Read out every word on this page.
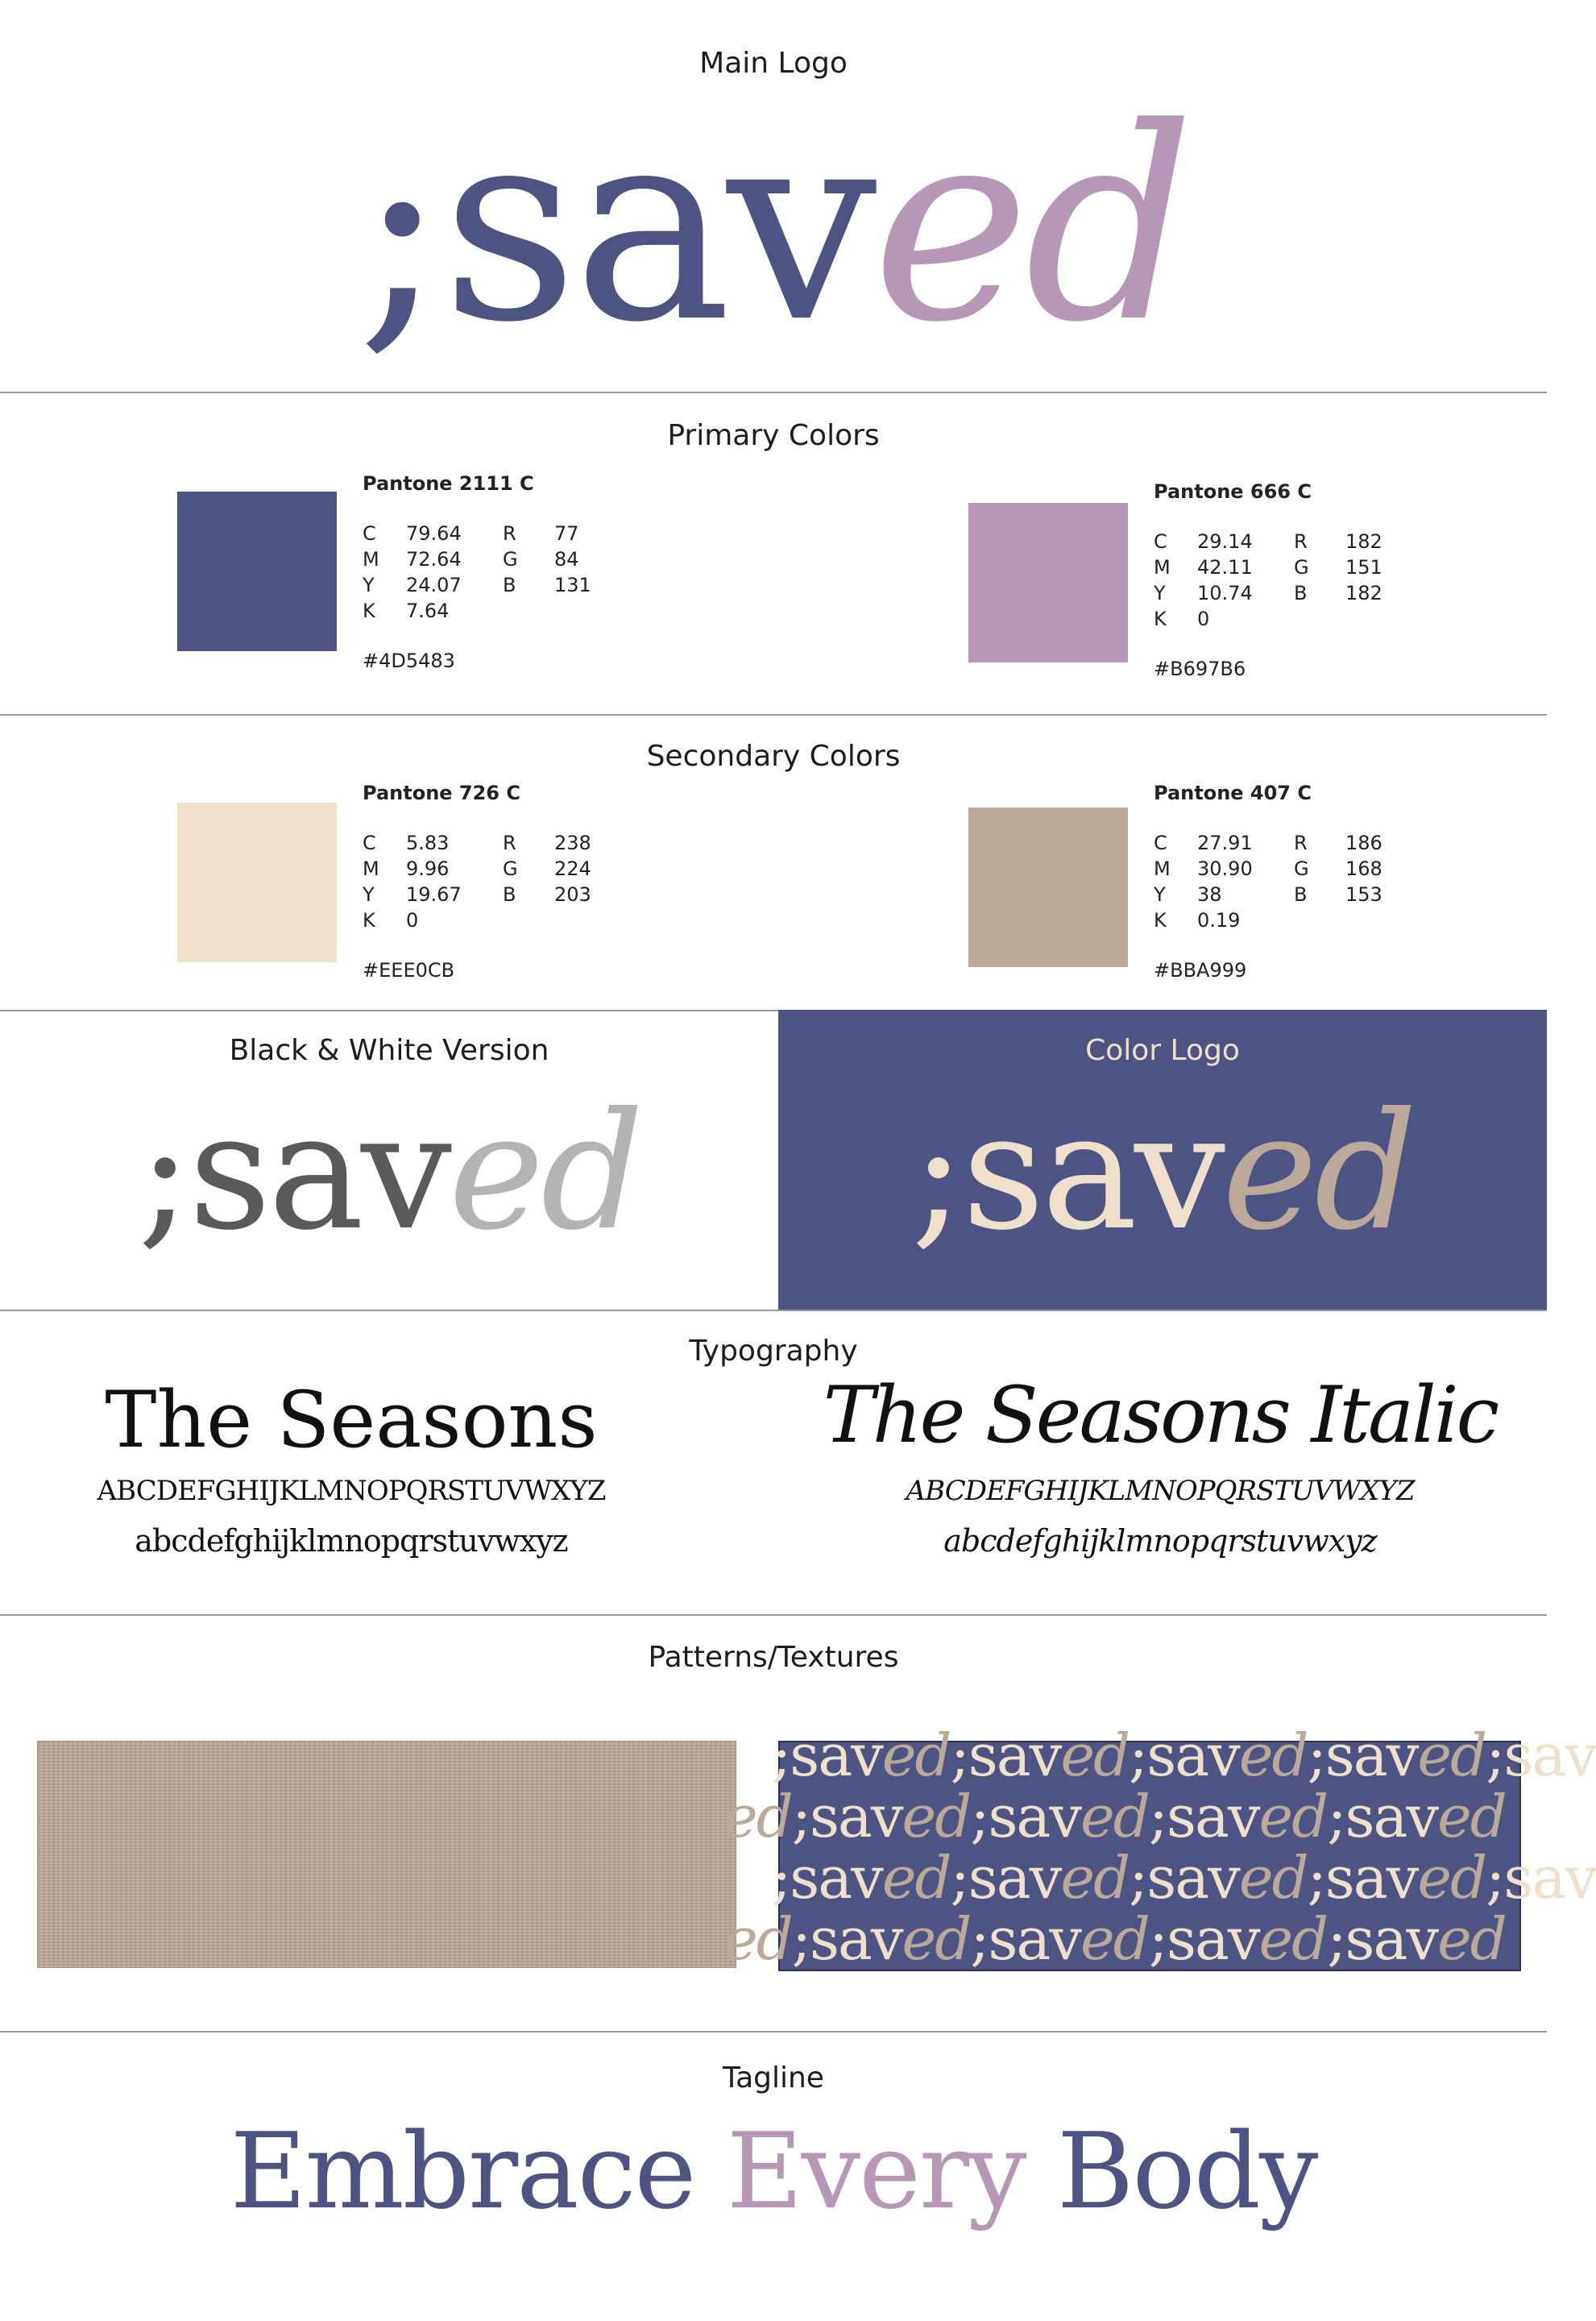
Main Logo
;saved
Primary Colors
Pantone 2111 C
C	79.64	R	77
M	72.64	G	84
Y	24.07	B	131
K	7.64		
#4D5483
Pantone 666 C
C	29.14	R	182
M	42.11	G	151
Y	10.74	B	182
K	0		
#B697B6
Secondary Colors
Pantone 726 C
C	5.83	R	238
M	9.96	G	224
Y	19.67	B	203
K	0		
#EEE0CB
Pantone 407 C
C	27.91	R	186
M	30.90	G	168
Y	38	B	153
K	0.19		
#BBA999
Black & White Version
;saved
Color Logo
;saved
Typography
The Seasons
ABCDEFGHIJKLMNOPQRSTUVWXYZ
abcdefghijklmnopqrstuvwxyz
The Seasons Italic
ABCDEFGHIJKLMNOPQRSTUVWXYZ
abcdefghijklmnopqrstuvwxyz
Patterns/Textures
;saved;saved;saved;saved;sav
ed;saved;saved;saved;saved
;saved;saved;saved;saved;sav
ed;saved;saved;saved;saved
Tagline
Embrace Every Body
